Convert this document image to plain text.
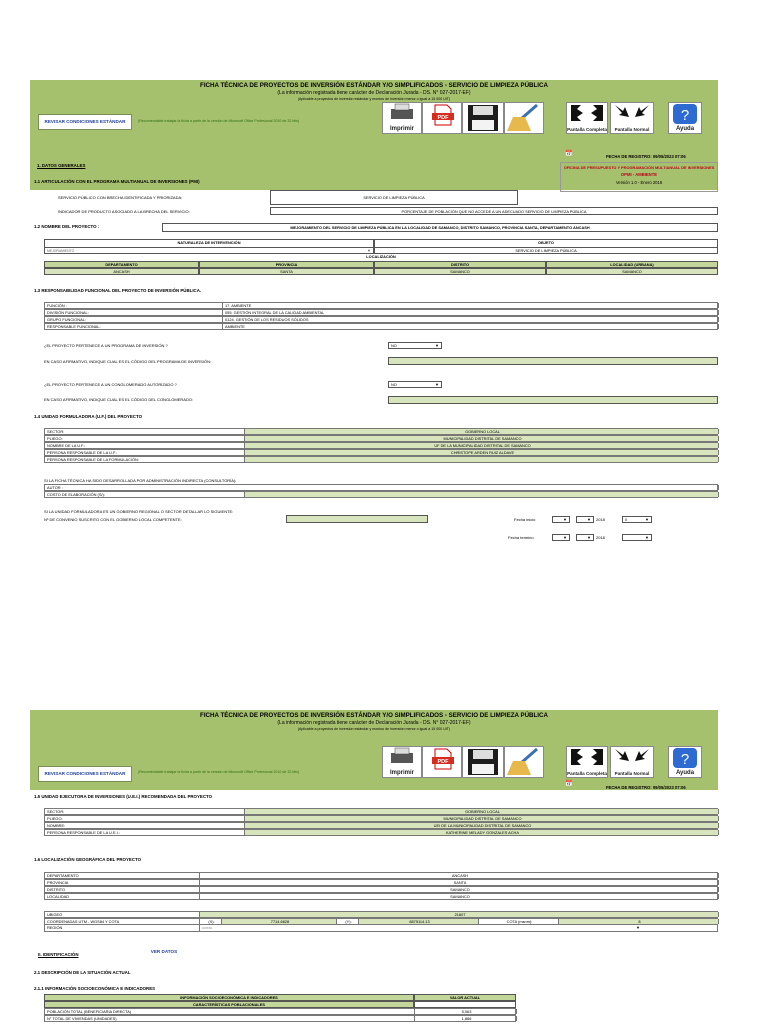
FICHA TÉCNICA DE PROYECTOS DE INVERSIÓN ESTÁNDAR Y/O SIMPLIFICADOS - SERVICIO DE LIMPIEZA PÚBLICA
(La información registrada tiene carácter de Declaración Jurada - DS. N° 027-2017-EF)
(Aplicable a proyectos de inversión estándar y montos de inversión menor o igual a 15 000 UIT)
REVISAR CONDICIONES ESTÁNDAR	(Recomendable trabajar la ficha a partir de la versión de Microsoft Office Profesional 2010 de 32 bits)
Imprimir
PDF
Pantalla Completa	Pantalla Normal
?
Ayuda
📅	FECHA DE REGISTRO: 09/05/2023 07:06
OFICINA DE PRESUPUESTO Y PROGRAMACIÓN MULTIANUAL DE INVERSIONES
OPMI - AMBIENTE
Versión 1.0 - Enero 2018
1. DATOS GENERALES
1.1 ARTICULACIÓN CON EL PROGRAMA MULTIANUAL DE INVERSIONES (PMI)
SERVICIO PÚBLICO CON BRECHA IDENTIFICADA Y PRIORIZADA:	SERVICIO DE LIMPIEZA PÚBLICA
INDICADOR DE PRODUCTO ASOCIADO A LA BRECHA DEL SERVICIO:	PORCENTAJE DE POBLACIÓN QUE NO ACCEDE A UN ADECUADO SERVICIO DE LIMPIEZA PÚBLICA
1.2 NOMBRE DEL PROYECTO :	MEJORAMIENTO DEL SERVICIO DE LIMPIEZA PÚBLICA EN LA LOCALIDAD DE SAMANCO, DISTRITO SAMANCO, PROVINCIA SANTA, DEPARTAMENTO ANCASH
NATURALEZA DE INTERVENCIÓN	OBJETO
MEJORAMIENTO ▼	SERVICIO DE LIMPIEZA PÚBLICA
LOCALIZACIÓN
DEPARTAMENTO	PROVINCIA	DISTRITO	LOCALIDAD (URBANA)
ANCASH	SANTA	SAMANCO	SAMANCO
1.3 RESPONSABILIDAD FUNCIONAL DEL PROYECTO DE INVERSIÓN PÚBLICA.
FUNCIÓN :	17. AMBIENTE
DIVISIÓN FUNCIONAL:	055. GESTIÓN INTEGRAL DE LA CALIDAD AMBIENTAL
GRUPO FUNCIONAL:	0124. GESTIÓN DE LOS RESIDUOS SÓLIDOS
RESPONSABLE FUNCIONAL:	AMBIENTE
¿EL PROYECTO PERTENECE A UN PROGRAMA DE INVERSIÓN ?	NO ▼
EN CASO AFIRMATIVO, INDIQUE CUAL ES EL CÓDIGO DEL PROGRAMA DE INVERSIÓN:
¿EL PROYECTO PERTENECE A UN CONGLOMERADO AUTORIZADO ?	NO ▼
EN CASO AFIRMATIVO, INDIQUE CUAL ES EL CÓDIGO DEL CONGLOMERADO:
1.4 UNIDAD FORMULADORA (U.F.) DEL PROYECTO
SECTOR:	GOBIERNO LOCAL
PLIEGO:	MUNICIPALIDAD DISTRITAL DE SAMANCO
NOMBRE DE LA U.F.:	UF DE LA MUNICIPALIDAD DISTRITAL DE SAMANCO
PERSONA RESPONSABLE DE LA U.F.:	CHRISTOPE ARDEN RUIZ ALDAVE
PERSONA RESPONSABLE DE LA FORMULACIÓN:
SI LA FICHA TÉCNICA HA SIDO DESARROLLADA POR ADMINISTRACIÓN INDIRECTA (CONSULTORÍA):
AUTOR :
COSTO DE ELABORACIÓN (S/):
SI LA UNIDAD FORMULADORA ES UN GOBIERNO REGIONAL O SECTOR DETALLAR LO SIGUIENTE:
Nº DE CONVENIO SUSCRITO CON EL GOBIERNO LOCAL COMPETENTE:	Fecha inicio ▼ ▼	2018	0 ▼
Fecha termino ▼ ▼	2018
▼
FICHA TÉCNICA DE PROYECTOS DE INVERSIÓN ESTÁNDAR Y/O SIMPLIFICADOS - SERVICIO DE LIMPIEZA PÚBLICA
(La información registrada tiene carácter de Declaración Jurada - DS. N° 027-2017-EF)
(Aplicable a proyectos de inversión estándar y montos de inversión menor o igual a 15 000 UIT)
REVISAR CONDICIONES ESTÁNDAR	(Recomendable trabajar la ficha a partir de la versión de Microsoft Office Profesional 2010 de 32 bits)	Imprimir
PDF
Pantalla Completa	Pantalla Normal
?
Ayuda
📅
FECHA DE REGISTRO: 09/05/2023 07:06
1.5 UNIDAD EJECUTORA DE INVERSIONES (U.E.I.) RECOMENDADA DEL PROYECTO
SECTOR:	GOBIERNO LOCAL
PLIEGO:	MUNICIPALIDAD DISTRITAL DE SAMANCO
NOMBRE:	UEI DE LA MUNICIPALIDAD DISTRITAL DE SAMANCO
PERSONA RESPONSABLE DE LA U.E.I.:	KATHERINE MELADY GONZALES ACHA
1.6 LOCALIZACIÓN GEOGRÁFICA DEL PROYECTO
DEPARTAMENTO	ANCASH
PROVINCIA	SANTA
DISTRITO	SAMANCO
LOCALIDAD	SAMANCO
UBIGEO	21807
COORDENADAS UTM - WGS84 Y COTA	(X):	7714.6628	(Y):	8875114.13	COTA (msnm):	8
REGIÓN	COSTA	▼
II. IDENTIFICACIÓN
VER DATOS
2.1 DESCRIPCIÓN DE LA SITUACIÓN ACTUAL
2.1.1 INFORMACIÓN SOCIOECONÓMICA E INDICADORES
INFORMACIÓN SOCIOECONÓMICA E INDICADORES	VALOR ACTUAL
CARACTERÍSTICAS POBLACIONALES
POBLACIÓN TOTAL (BENEFICIARIA DIRECTA)	5,063
N° TOTAL DE VIVIENDAS (UNIDADES)	1,886
